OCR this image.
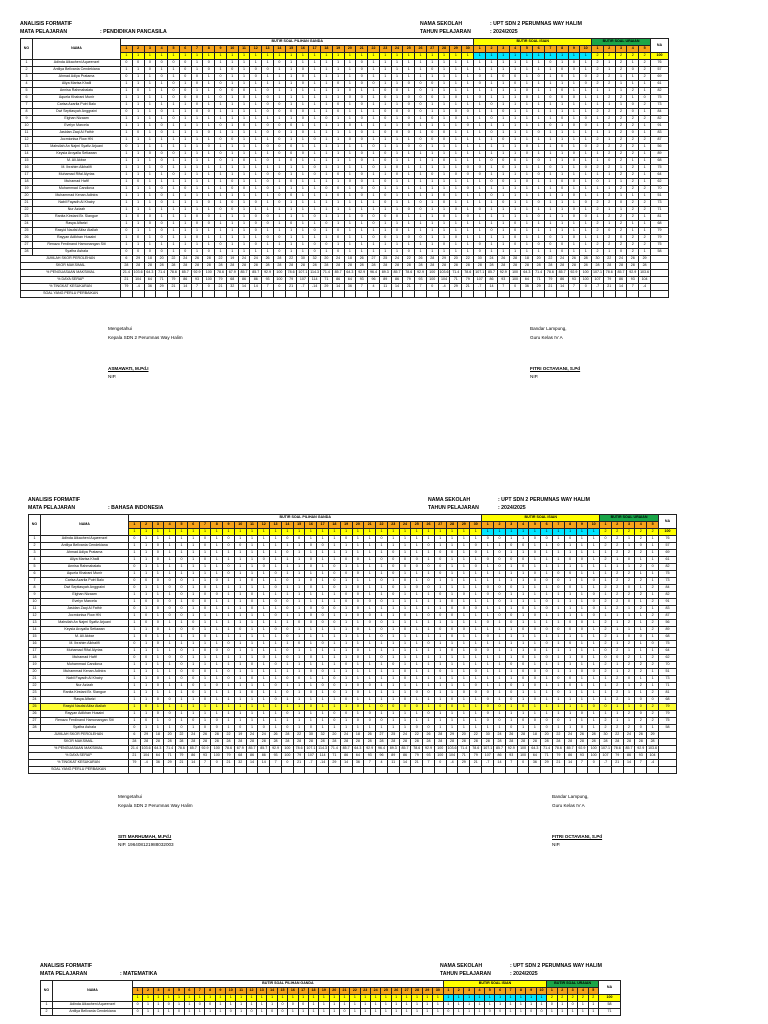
ANALISIS FORMATIF
MATA PELAJARAN	: PENDIDIKAN PANCASILA
NAMA SEKOLAH	: UPT SDN 2 PERUMNAS WAY HALIM
TAHUN PELAJARAN	: 2024/2025
NO	NAMA	BUTIR SOAL PILIHAN GANDA																														BUTIR SOAL ISIAN										BUTIR SOAL URAIAN					NA
		1	2	3	4	5	6	7	8	9	10	11	12	13	14	15	16	17	18	19	20	21	22	23	24	25	26	27	28	29	30	1	2	3	4	5	6	7	8	9	10	1	2	3	4	5	
		1	1	1	1	1	1	1	1	1	1	1	1	1	1	1	1	1	1	1	1	1	1	1	1	1	1	1	1	1	1	1	1	1	1	1	1	1	1	1	1	2	2	2	2	2	100
1	Adinda Aikaoheni Aqueenzel	0	0	0	0	0	0	1	0	1	1	1	1	1	0	1	1	1	1	1	1	0	1	1	1	1	1	1	1	1	1	1	1	1	1	1	1	0	1	0	1	2	1	2	1	2	76
2	Antilya Bellvania Cendekiana	1	1	0	1	1	0	1	0	1	0	1	0	0	1	1	0	1	1	1	1	0	1	1	1	1	1	0	1	1	1	1	1	1	1	1	1	1	0	0	1	2	1	2	0	2	57
3	Ahmad Adiya Pratama	0	1	1	0	1	0	0	1	0	1	1	0	1	1	1	0	1	1	1	1	0	1	1	1	1	1	1	1	1	1	0	1	0	0	1	0	1	0	1	0	2	2	1	1	2	69
4	Aliya Marisa Khalil	1	1	1	1	0	1	0	1	0	1	1	1	1	1	1	0	1	1	0	1	0	0	1	1	0	0	0	1	1	1	0	1	1	0	1	1	1	1	1	0	2	2	1	1	1	61
5	Annisa Rahmabalatu	1	0	1	1	0	0	1	1	0	0	0	1	0	1	1	1	1	1	1	0	1	1	0	0	1	0	1	1	1	1	1	1	1	1	0	1	1	0	1	1	1	1	1	2	1	82
6	Aquela Khairani Munir	1	1	1	1	0	0	0	1	0	1	0	1	0	1	1	1	1	1	1	0	0	1	0	1	0	0	0	1	0	1	0	1	1	1	0	1	0	0	0	1	1	2	2	1	0	75
7	Carisa Azarila Putri Balo	1	1	1	1	1	1	0	1	1	1	1	1	0	0	1	1	1	1	0	1	0	1	1	1	0	0	1	1	1	1	1	0	1	1	1	1	1	1	1	1	1	1	1	0	2	73
8	Dwi Septiasyah Anggraini	0	1	1	0	1	1	0	0	1	1	1	1	0	0	0	0	1	1	0	1	1	1	0	0	0	0	1	1	0	0	1	1	0	1	1	1	1	1	1	1	2	2	2	0	1	84
9	Eighan Nizaam	1	1	1	1	0	1	1	1	1	1	1	1	1	1	1	0	1	0	1	1	0	1	0	1	0	1	0	1	0	1	1	0	1	1	1	1	1	0	1	0	1	2	2	2	2	82
10	Evelyn Marcela	1	1	1	0	1	1	1	1	0	1	0	1	0	0	0	1	1	1	1	0	1	1	1	1	0	1	1	1	1	0	1	1	1	1	1	1	0	1	0	0	1	2	2	2	1	91
11	Jasidan Zaqi Al Fathir	1	0	1	0	1	1	1	0	1	1	1	1	0	0	1	0	1	1	1	1	0	1	0	0	0	1	0	0	1	1	1	0	1	1	1	0	1	1	1	1	1	1	2	0	1	83
12	Jocmionisa Flow HN	1	1	1	1	1	1	1	1	0	0	1	1	1	0	1	1	0	1	1	0	0	1	1	1	1	0	0	0	1	1	1	1	0	1	1	1	1	1	1	1	2	1	2	2	2	87
13	Mahsilah An Najmi Syafiz Arjuani	0	1	1	1	1	1	1	0	1	1	1	1	0	0	0	1	1	1	1	1	1	0	1	1	0	0	1	1	1	1	1	1	1	1	0	1	1	0	1	0	2	2	2	2	1	56
14	Keysia Aroyalla Setiawan	1	1	0	0	0	1	1	1	0	1	1	1	1	0	0	0	1	1	1	1	0	1	0	1	1	1	1	1	1	1	1	1	1	1	0	1	1	1	0	1	1	2	2	2	1	89
15	M. Ali Akbar	1	1	1	0	1	1	1	1	0	1	0	1	0	1	0	1	1	1	1	1	0	1	0	1	1	1	1	0	1	1	1	0	0	0	1	0	1	1	0	1	1	0	2	1	1	68
16	M. Ibrahim Alkhalifi	1	1	1	0	1	1	1	1	1	1	1	1	1	1	1	1	0	1	1	1	1	0	1	0	1	1	1	1	1	0	0	1	0	1	1	1	0	1	1	0	2	2	1	2	1	75
17	Muhamad Rifal Alyrias	1	1	1	1	0	1	1	1	1	1	1	1	0	0	1	1	0	1	0	1	0	1	1	0	1	1	0	1	0	0	0	1	1	1	1	0	1	1	1	1	1	1	2	2	1	64
18	Muhamad Hafif	1	0	1	1	1	1	1	1	1	0	1	1	0	1	0	1	1	1	1	0	0	1	0	1	1	1	1	1	1	1	1	0	0	1	0	1	1	0	0	1	0	1	1	2	1	62
19	Muhammad Candiova	1	1	1	0	1	0	1	1	1	0	0	1	0	1	1	1	1	0	0	1	0	0	1	1	1	1	1	1	1	0	1	1	1	1	1	1	1	0	1	1	1	1	2	2	2	70
20	Muhammad Kenan Adinira	1	1	1	0	1	1	1	1	1	1	1	1	1	0	0	1	1	1	0	1	0	1	0	1	1	1	1	0	1	1	1	0	1	1	1	1	1	1	0	1	1	2	1	1	1	51
21	Nabil Fayadh Al Khairy	1	1	1	0	1	1	1	0	1	0	1	0	1	0	1	1	1	1	1	1	1	1	0	1	1	0	1	0	1	1	1	1	0	1	1	0	1	1	1	0	2	2	0	2	2	73
22	Nur Azizah	1	1	1	1	1	1	1	1	0	0	1	1	1	1	1	1	1	1	1	1	1	1	1	1	0	0	1	1	0	1	0	1	1	1	1	1	1	1	0	1	2	1	1	2	2	71
23	Ranita Kirstani Br. Siangue	1	0	0	1	1	1	0	0	1	1	1	0	0	1	1	1	0	1	1	1	0	0	0	0	1	1	1	0	1	0	1	1	1	1	1	0	1	1	0	0	1	2	2	2	1	81
24	Rasya Alfarizi	1	1	0	0	1	1	0	0	1	1	1	0	0	1	0	1	1	0	1	1	1	0	1	1	1	1	1	1	1	1	1	1	1	0	1	1	1	1	1	1	2	1	2	1	1	68
25	Rasyid Naufal Alfaz Atallah	0	1	1	0	1	1	1	1	1	1	1	0	1	1	1	1	0	1	0	1	1	1	1	0	1	1	1	1	1	1	1	0	1	0	1	1	1	1	1	1	2	0	2	1	1	79
26	Rayyan Adikhan Husaini	1	0	1	0	1	1	0	1	1	1	1	1	0	0	1	1	1	1	0	1	1	0	0	1	0	0	1	1	0	1	1	1	1	0	1	1	0	1	0	1	1	2	0	2	2	79
27	Renazo Ferdinand Hamonangan Siti	1	1	1	1	1	1	1	1	0	1	1	0	1	1	1	1	0	0	1	1	1	1	1	1	1	1	1	0	1	1	0	1	1	0	1	0	0	0	1	1	2	2	2	2	2	75
28	Syafira Ashala	0	0	0	0	1	0	1	0	1	1	1	1	1	0	1	1	0	1	0	1	1	1	1	1	0	1	1	1	1	1	0	1	1	1	1	1	1	0	1	1	2	1	0	2	1	58
JUMLAH SKOR PEROLEHAN		6	29	18	20	22	24	26	28	22	19	24	24	26	28	22	30	32	20	24	18	26	27	25	24	22	26	28	29	20	22	30	24	26	28	18	20	22	24	26	28	30	22	24	26	29	
SKOR MAKSIMAL		28	28	28	28	28	28	28	28	28	28	28	28	28	28	28	28	28	28	28	28	28	28	28	28	28	28	28	28	28	28	28	28	28	28	28	28	28	28	28	28	28	28	28	28	28	
% PENGUASAAN MAKSIMAL		21.4	103.6	64.3	71.4	78.6	85.7	92.9	100	78.6	67.9	85.7	85.7	92.9	100	78.6	107.1	114.3	71.4	85.7	64.3	92.9	96.4	89.3	85.7	78.6	92.9	100	103.6	71.4	78.6	107.1	85.7	92.9	100	64.3	71.4	78.6	85.7	92.9	100	107.1	78.6	85.7	92.9	103.6	
% DAYA SERAP		21	104	64	71	79	86	93	100	79	68	86	86	93	100	79	107	114	71	86	64	93	96	89	86	79	93	100	104	71	79	107	86	93	100	64	71	79	86	93	100	107	79	86	93	104	
% TINGKAT KESUKARAN		79	-4	36	29	21	14	7	0	21	32	14	14	7	0	21	-7	-14	29	14	36	7	4	11	14	21	7	0	-4	29	21	-7	14	7	0	36	29	21	14	7	0	-7	21	14	7	-4	
SOAL YANG PERLU PERBAIKAN																																															
Mengetahui
Kepala SDN 2 Perumnas Way Halim
Bandar Lampung,
Guru Kelas IV A
ASMAWATI, M.Pd.I
NIP.
FITRI OCTAVIANI, S.Pd
NIP.
ANALISIS FORMATIF
MATA PELAJARAN	: BAHASA INDONESIA
NAMA SEKOLAH	: UPT SDN 2 PERUMNAS WAY HALIM
TAHUN PELAJARAN	: 2024/2025
NO	NAMA	BUTIR SOAL PILIHAN GANDA																														BUTIR SOAL ISIAN										BUTIR SOAL URAIAN					NA
		1	2	3	4	5	6	7	8	9	10	11	12	13	14	15	16	17	18	19	20	21	22	23	24	25	26	27	28	29	30	1	2	3	4	5	6	7	8	9	10	1	2	3	4	5	
		1	1	1	1	1	1	1	1	1	1	1	1	1	1	1	1	1	1	1	1	1	1	1	1	1	1	1	1	1	1	1	1	1	1	1	1	1	1	1	1	2	2	2	2	2	100
1	Adinda Aikaoheni Aqueenzel	0	1	1	1	1	1	0	1	0	1	1	1	1	0	0	1	1	1	0	1	1	0	1	1	1	1	1	1	1	1	0	0	1	1	0	0	1	0	1	1	0	2	1	2	1	76
2	Antilya Bellvania Cendekiana	1	1	0	1	1	1	0	1	0	0	1	1	1	1	1	0	0	1	1	1	1	1	1	1	1	0	1	1	1	0	1	1	0	0	1	1	0	1	1	1	2	2	1	0	1	57
3	Ahmad Adiya Pratama	1	1	0	1	1	1	1	1	1	1	1	1	1	0	1	1	1	1	1	1	1	1	0	1	1	1	0	0	1	0	1	0	1	1	0	1	1	1	1	1	1	2	2	2	1	69
4	Aliya Marisa Khalil	1	1	0	1	0	1	0	1	1	1	1	0	1	1	1	0	1	1	0	0	1	0	0	0	0	1	0	1	1	1	0	0	0	0	1	1	1	0	0	1	2	1	0	1	1	61
5	Annisa Rahmabalatu	0	1	1	1	1	1	1	1	0	1	1	0	1	1	1	0	1	0	1	1	1	1	0	0	0	0	0	1	1	0	1	0	1	0	1	1	1	1	1	1	1	1	1	2	0	82
6	Aquela Khairani Munir	1	1	1	1	1	1	1	1	0	1	1	1	0	1	1	1	1	0	0	0	1	1	0	1	1	1	0	1	1	1	1	1	1	1	0	1	0	0	1	1	1	2	2	1	1	75
7	Carisa Azarila Putri Balo	0	0	0	0	0	1	1	0	1	1	0	1	1	0	1	0	1	0	1	1	1	0	1	0	1	0	1	1	1	1	1	1	1	1	0	0	0	1	1	0	1	2	2	2	1	73
8	Dwi Septiasyah Anggraini	0	1	1	0	0	1	0	1	1	1	1	1	0	1	1	0	1	0	1	0	1	1	0	1	0	0	1	1	1	1	0	0	0	1	1	1	0	0	1	1	2	2	0	1	2	84
9	Eighan Nizaam	1	1	1	1	0	1	0	0	1	1	0	1	1	1	1	1	1	1	0	0	1	1	0	1	1	1	0	1	0	1	0	0	1	1	1	1	1	1	1	0	1	2	2	2	1	82
10	Evelyn Marcela	1	0	0	0	1	0	0	1	1	1	0	1	0	0	1	1	1	1	0	0	0	0	1	1	1	1	1	0	1	1	1	0	1	1	1	0	1	1	1	0	2	2	0	1	2	91
11	Jasidan Zaqi Al Fathir	0	1	0	0	0	1	0	1	1	1	0	1	1	0	1	0	0	0	1	0	1	1	1	1	1	1	1	0	0	0	1	1	1	0	1	0	1	1	1	0	1	2	1	2	1	83
12	Jocmionisa Flow HN	1	0	1	0	0	1	1	1	1	1	1	1	0	1	1	0	0	1	1	0	0	1	1	0	1	0	0	0	1	1	1	0	0	1	0	1	1	1	1	0	1	1	1	1	2	87
13	Mahsilah An Najmi Syafiz Arjuani	1	0	0	1	1	0	1	1	1	1	1	1	1	1	0	0	0	0	1	1	0	0	1	1	1	1	1	1	1	1	0	1	0	1	1	1	1	0	0	1	2	1	2	1	2	56
14	Keysia Aroyalla Setiawan	1	1	0	1	0	0	1	1	1	0	1	1	0	0	1	1	1	1	1	0	1	0	1	0	1	1	0	0	0	1	1	1	1	0	0	0	0	0	0	1	2	1	1	1	2	89
15	M. Ali Akbar	1	0	1	1	1	1	0	1	1	1	1	1	1	0	1	1	1	1	1	1	1	0	1	1	1	1	1	0	1	1	0	1	1	1	1	1	1	1	1	1	2	1	0	0	1	68
16	M. Ibrahim Alkhalifi	0	1	0	1	1	1	1	1	0	1	1	1	1	1	0	1	0	1	1	1	1	1	1	1	1	0	1	1	1	1	1	1	1	1	1	0	1	0	1	1	2	1	2	1	0	75
17	Muhamad Rifal Alyrias	1	1	1	1	0	1	0	0	0	1	1	1	1	0	1	1	1	1	1	0	1	1	1	1	1	1	1	0	1	0	0	1	1	1	0	1	1	1	1	1	0	2	1	1	1	64
18	Muhamad Hafif	0	0	1	0	0	1	1	1	1	1	1	0	1	0	1	0	1	1	1	0	1	0	1	1	1	1	1	1	1	1	1	1	1	0	1	0	1	1	0	1	0	0	2	1	2	62
19	Muhammad Candiova	1	1	1	1	0	1	1	1	1	1	0	1	0	1	1	1	1	1	0	1	1	1	0	1	1	1	1	1	1	1	1	1	0	0	1	1	1	1	1	1	2	1	2	2	2	70
20	Muhammad Kenan Adinira	1	1	1	1	0	0	0	1	0	1	1	1	1	1	1	0	0	1	1	1	1	1	1	0	1	1	0	1	1	0	1	1	1	0	0	0	1	1	0	0	2	1	2	2	1	51
21	Nabil Fayadh Al Khairy	1	1	0	1	0	0	1	1	0	1	0	1	1	0	0	1	1	0	1	1	1	1	1	0	1	1	1	1	1	1	1	1	1	0	0	1	0	0	1	1	1	2	0	1	1	73
22	Nur Azizah	1	1	0	1	1	0	1	0	1	1	1	1	0	1	1	1	0	0	1	0	0	1	1	1	1	1	1	1	1	0	1	1	0	1	0	1	1	0	1	1	1	2	1	2	1	71
23	Ranita Kirstani Br. Siangue	1	1	1	1	1	0	1	1	1	1	0	1	1	0	1	0	1	0	1	0	1	1	1	1	0	0	1	1	0	0	0	1	0	1	1	1	0	1	1	1	1	2	1	1	2	81
24	Rasya Alfarizi	1	1	0	0	1	1	0	1	1	1	1	1	0	1	1	1	1	1	0	1	1	1	1	0	1	1	1	0	1	1	0	1	0	1	0	1	1	1	1	1	1	2	1	0	0	68
25	Rasyid Naufal Alfaz Atallah	1	0	1	1	1	1	1	1	1	1	1	1	1	1	1	0	1	1	1	0	1	0	0	0	0	1	0	0	1	1	0	0	1	0	1	1	1	1	1	0	0	1	1	0	2	79
26	Rayyan Adikhan Husaini	1	1	0	0	1	1	1	1	1	1	1	1	1	0	1	1	1	0	0	1	0	1	1	1	1	0	1	1	1	1	0	1	1	1	1	1	1	1	0	1	1	1	2	0	2	79
27	Renazo Ferdinand Hamonangan Siti	1	0	1	0	1	0	1	0	1	1	1	1	1	1	1	1	1	0	1	0	0	0	1	1	1	1	1	1	1	1	0	0	1	0	0	0	0	1	1	1	2	1	1	2	2	75
28	Syafira Ashala	0	1	1	1	0	1	0	0	1	0	1	0	1	0	1	0	1	1	1	1	1	1	1	1	0	0	1	1	1	1	1	1	0	1	1	0	1	1	0	1	2	2	2	0	1	58
JUMLAH SKOR PEROLEHAN		6	29	18	20	22	24	26	28	22	19	24	24	26	28	22	30	32	20	24	18	26	27	25	24	22	26	28	29	20	22	30	24	26	28	18	20	22	24	26	28	30	22	24	26	29	
SKOR MAKSIMAL		28	28	28	28	28	28	28	28	28	28	28	28	28	28	28	28	28	28	28	28	28	28	28	28	28	28	28	28	28	28	28	28	28	28	28	28	28	28	28	28	28	28	28	28	28	
% PENGUASAAN MAKSIMAL		21.4	103.6	64.3	71.4	78.6	85.7	92.9	100	78.6	67.9	85.7	85.7	92.9	100	78.6	107.1	114.3	71.4	85.7	64.3	92.9	96.4	89.3	85.7	78.6	92.9	100	103.6	71.4	78.6	107.1	85.7	92.9	100	64.3	71.4	78.6	85.7	92.9	100	107.1	78.6	85.7	92.9	103.6	
% DAYA SERAP		21	104	64	71	79	86	93	100	79	68	86	86	93	100	79	107	114	71	86	64	93	96	89	86	79	93	100	104	71	79	107	86	93	100	64	71	79	86	93	100	107	79	86	93	104	
% TINGKAT KESUKARAN		79	-4	36	29	21	14	7	0	21	32	14	14	7	0	21	-7	-14	29	14	36	7	4	11	14	21	7	0	-4	29	21	-7	14	7	0	36	29	21	14	7	0	-7	21	14	7	-4	
SOAL YANG PERLU PERBAIKAN																																															
Mengetahui
Kepala SDN 2 Perumnas Way Halim
Bandar Lampung,
Guru Kelas IV A
SITI MARHUMAH, M.Pd.I
NIP. 196408121988032003
FITRI OCTAVIANI, S.Pd
NIP.
ANALISIS FORMATIF
MATA PELAJARAN	: MATEMATIKA
NAMA SEKOLAH	: UPT SDN 2 PERUMNAS WAY HALIM
TAHUN PELAJARAN	: 2024/2025
NO	NAMA	BUTIR SOAL PILIHAN GANDA																														BUTIR SOAL ISIAN										BUTIR SOAL URAIAN					NA
		1	2	3	4	5	6	7	8	9	10	11	12	13	14	15	16	17	18	19	20	21	22	23	24	25	26	27	28	29	30	1	2	3	4	5	6	7	8	9	10	1	2	3	4	5	
		1	1	1	1	1	1	1	1	1	1	1	1	1	1	1	1	1	1	1	1	1	1	1	1	1	1	1	1	1	1	1	1	1	1	1	1	1	1	1	1	2	2	2	2	2	100
1	Adinda Aikaoheni Aqueenzel	0	1	1	0	1	1	0	0	1	1	1	1	1	1	0	0	0	1	1	1	1	1	1	1	1	1	1	1	1	1	1	1	1	1	1	1	1	1	1	1	0	1	0	1	1	58
2	Antilya Bellvania Cendekiana	0	1	1	1	0	1	1	1	1	0	1	0	1	0	0	1	1	1	1	1	0	1	1	1	1	1	1	1	1	1	0	1	1	1	0	0	1	1	0	0	1	1	1	1	1	71
